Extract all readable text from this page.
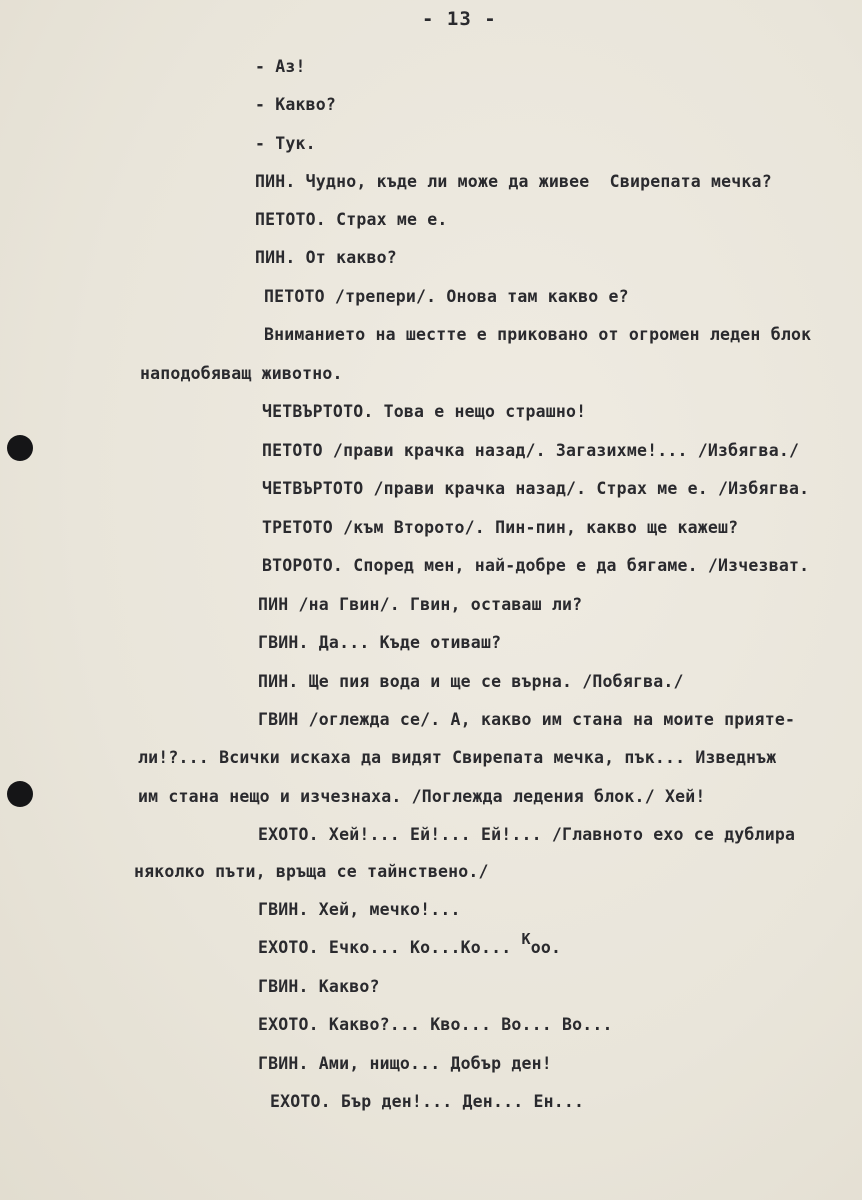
- 13 -
- Аз!
- Какво?
- Тук.
ПИН. Чудно, къде ли може да живее  Свирепата мечка?
ПЕТОТО. Страх ме е.
ПИН. От какво?
ПЕТОТО /трепери/. Онова там какво е?
Вниманието на шестте е приковано от огромен леден блок
наподобяващ животно.
ЧЕТВЪРТОТО. Това е нещо страшно!
ПЕТОТО /прави крачка назад/. Загазихме!... /Избягва./
ЧЕТВЪРТОТО /прави крачка назад/. Страх ме е. /Избягва.
ТРЕТОТО /към Второто/. Пин-пин, какво ще кажеш?
ВТОРОТО. Според мен, най-добре е да бягаме. /Изчезват.
ПИН /на Гвин/. Гвин, оставаш ли?
ГВИН. Да... Къде отиваш?
ПИН. Ще пия вода и ще се върна. /Побягва./
ГВИН /оглежда се/. А, какво им стана на моите прияте-
ли!?... Всички искаха да видят Свирепата мечка, пък... Изведнъж
им стана нещо и изчезнаха. /Поглежда ледения блок./ Хей!
ЕХОТО. Хей!... Ей!... Ей!... /Главното ехо се дублира
няколко пъти, връща се тайнствено./
ГВИН. Хей, мечко!...
ЕХОТО. Ечко... Ко...Ко... Коо.
ГВИН. Какво?
ЕХОТО. Какво?... Кво... Во... Во...
ГВИН. Ами, нищо... Добър ден!
ЕХОТО. Бър ден!... Ден... Ен...
